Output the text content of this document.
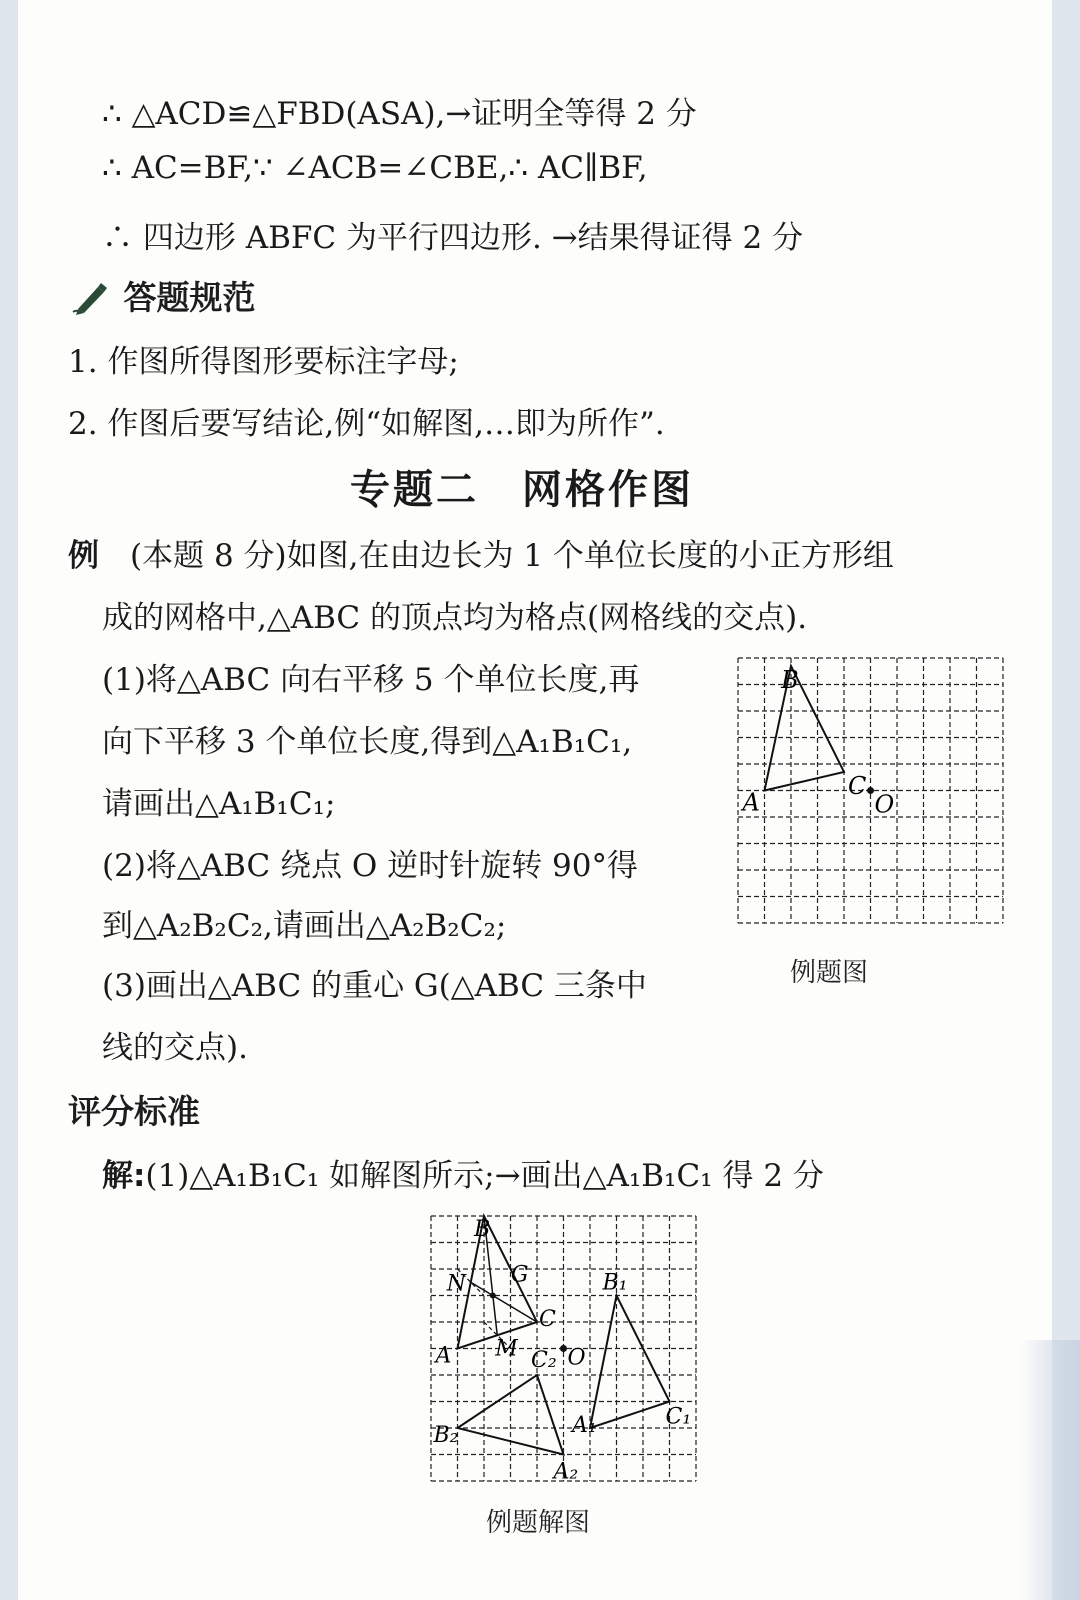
∴ △ACD≌△FBD(ASA),→证明全等得 2 分
∴ AC=BF,∵ ∠ACB=∠CBE,∴ AC∥BF,
∴ 四边形 ABFC 为平行四边形. →结果得证得 2 分
答题规范
1. 作图所得图形要标注字母;
2. 作图后要写结论,例“如解图,…即为所作”.
专题二　网格作图
例 (本题 8 分)如图,在由边长为 1 个单位长度的小正方形组
成的网格中,△ABC 的顶点均为格点(网格线的交点).
(1)将△ABC 向右平移 5 个单位长度,再
向下平移 3 个单位长度,得到△A₁B₁C₁,
请画出△A₁B₁C₁;
(2)将△ABC 绕点 O 逆时针旋转 90°得
到△A₂B₂C₂,请画出△A₂B₂C₂;
(3)画出△ABC 的重心 G(△ABC 三条中
线的交点).
A
B
C
O
例题图
评分标准
解:(1)△A₁B₁C₁ 如解图所示;→画出△A₁B₁C₁ 得 2 分
A
B
C
O
N
M
G
A₁
B₁
C₁
A₂
B₂
C₂
例题解图
